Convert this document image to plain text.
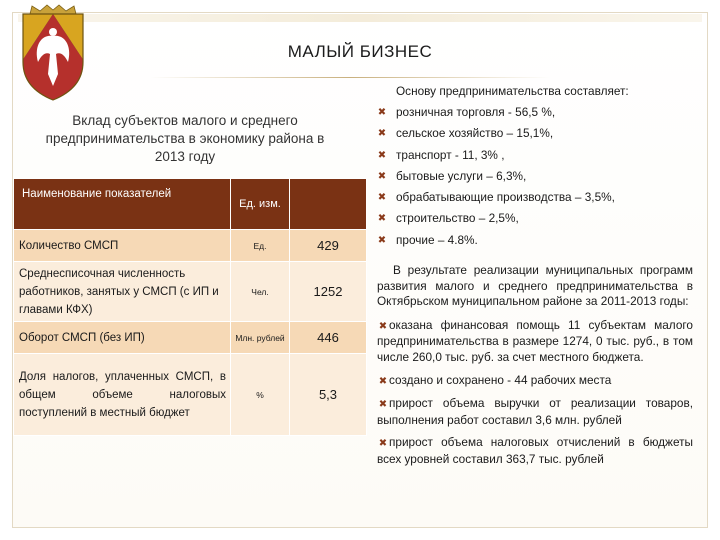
МАЛЫЙ БИЗНЕС
Вклад субъектов малого и среднего предпринимательства в экономику района в 2013 году
Наименование показателей	Ед. изм.	
Количество СМСП	Ед.	429
Среднесписочная численность работников, занятых у СМСП (с ИП и главами КФХ)	Чел.	1252
Оборот СМСП (без ИП)	Млн. рублей	446
Доля налогов, уплаченных СМСП, в общем объеме налоговых поступлений в местный бюджет	%	5,3
Основу предпринимательства составляет:
✖ розничная торговля - 56,5 %,
✖ сельское хозяйство – 15,1%,
✖ транспорт - 11, 3% ,
✖ бытовые услуги – 6,3%,
✖ обрабатывающие производства – 3,5%,
✖ строительство – 2,5%,
✖ прочие – 4.8%.

В результате реализации муниципальных программ развития малого и среднего предпринимательства в Октябрьском муниципальном районе за 2011-2013 годы:

✖ оказана финансовая помощь 11 субъектам малого предпринимательства в размере 1274, 0 тыс. руб., в том числе 260,0 тыс. руб. за счет местного бюджета.
✖ создано и сохранено - 44 рабочих места
✖ прирост объема выручки от реализации товаров, выполнения работ составил 3,6 млн. рублей
✖ прирост объема налоговых отчислений в бюджеты всех уровней составил 363,7 тыс. рублей
